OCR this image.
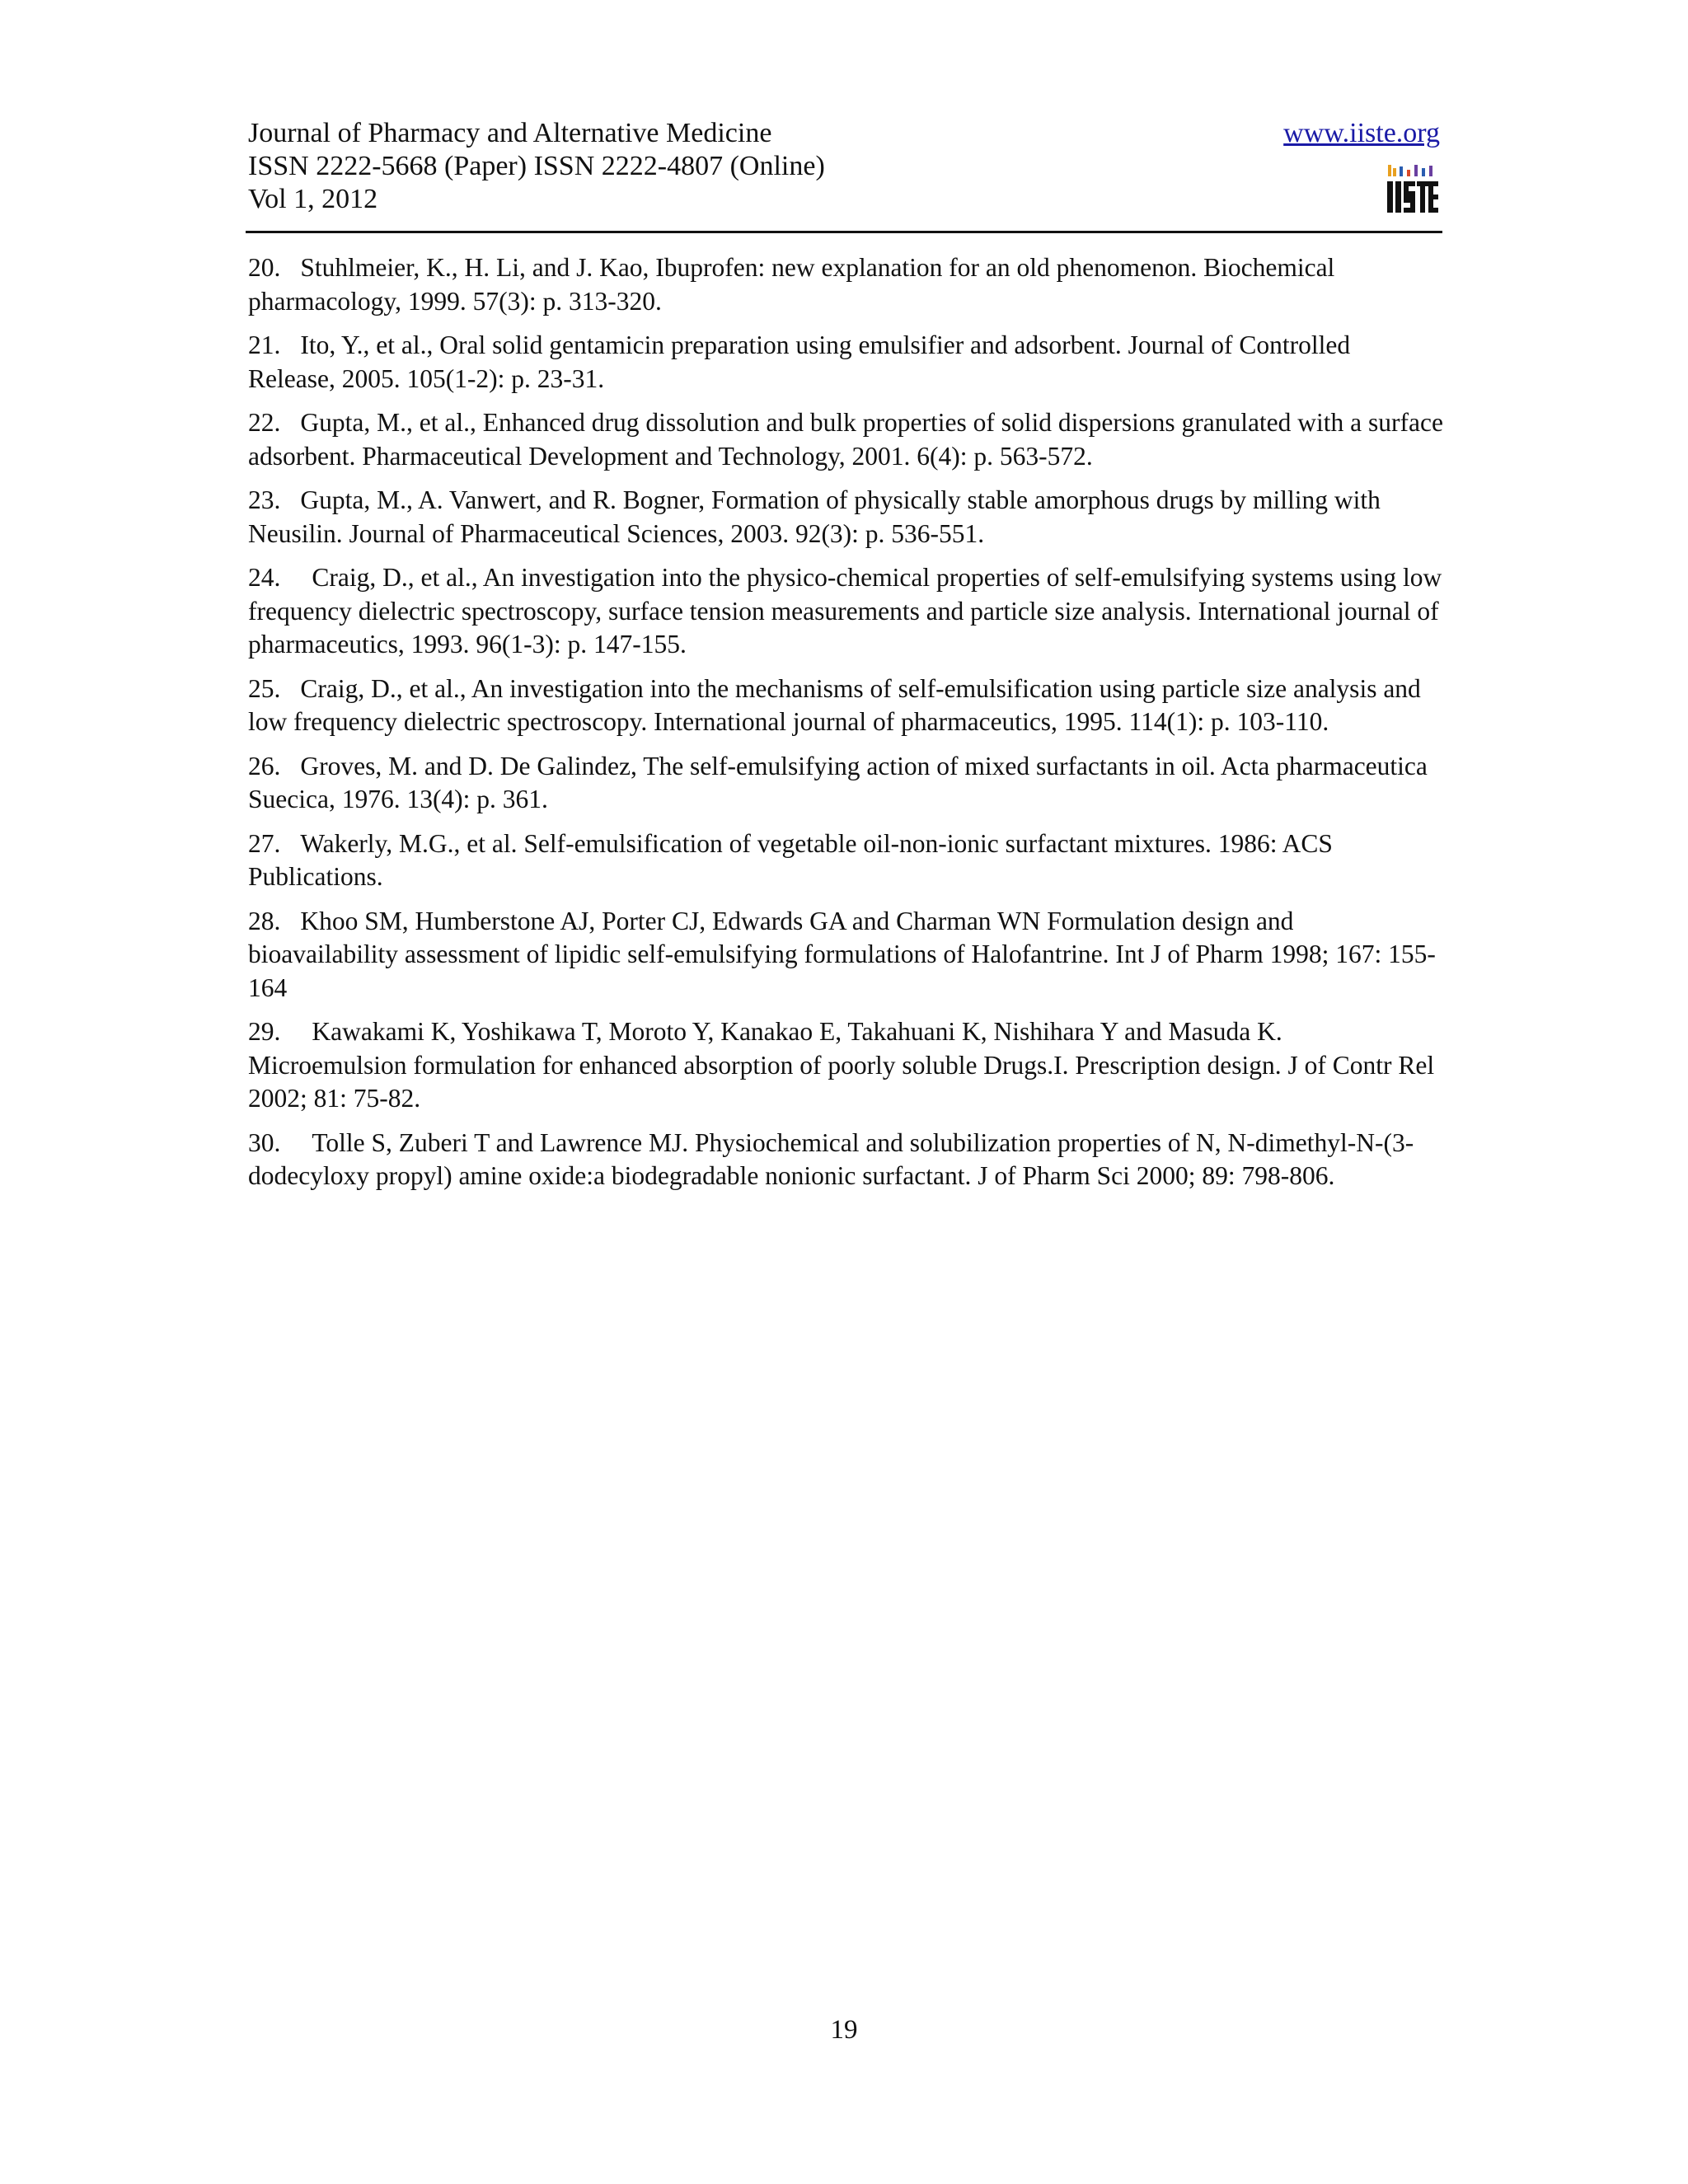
Journal of Pharmacy and Alternative Medicine
ISSN 2222-5668 (Paper) ISSN 2222-4807 (Online)
Vol 1, 2012
www.iiste.org

20. Stuhlmeier, K., H. Li, and J. Kao, Ibuprofen: new explanation for an old phenomenon. Biochemical pharmacology, 1999. 57(3): p. 313-320.

21. Ito, Y., et al., Oral solid gentamicin preparation using emulsifier and adsorbent. Journal of Controlled Release, 2005. 105(1-2): p. 23-31.

22. Gupta, M., et al., Enhanced drug dissolution and bulk properties of solid dispersions granulated with a surface adsorbent. Pharmaceutical Development and Technology, 2001. 6(4): p. 563-572.

23. Gupta, M., A. Vanwert, and R. Bogner, Formation of physically stable amorphous drugs by milling with Neusilin. Journal of Pharmaceutical Sciences, 2003. 92(3): p. 536-551.

24. Craig, D., et al., An investigation into the physico-chemical properties of self-emulsifying systems using low frequency dielectric spectroscopy, surface tension measurements and particle size analysis. International journal of pharmaceutics, 1993. 96(1-3): p. 147-155.

25. Craig, D., et al., An investigation into the mechanisms of self-emulsification using particle size analysis and low frequency dielectric spectroscopy. International journal of pharmaceutics, 1995. 114(1): p. 103-110.

26. Groves, M. and D. De Galindez, The self-emulsifying action of mixed surfactants in oil. Acta pharmaceutica Suecica, 1976. 13(4): p. 361.

27. Wakerly, M.G., et al. Self-emulsification of vegetable oil-non-ionic surfactant mixtures. 1986: ACS Publications.

28. Khoo SM, Humberstone AJ, Porter CJ, Edwards GA and Charman WN Formulation design and bioavailability assessment of lipidic self-emulsifying formulations of Halofantrine. Int J of Pharm 1998; 167: 155-164

29. Kawakami K, Yoshikawa T, Moroto Y, Kanakao E, Takahuani K, Nishihara Y and Masuda K. Microemulsion formulation for enhanced absorption of poorly soluble Drugs.I. Prescription design. J of Contr Rel 2002; 81: 75-82.

30. Tolle S, Zuberi T and Lawrence MJ. Physiochemical and solubilization properties of N, N-dimethyl-N-(3-dodecyloxy propyl) amine oxide:a biodegradable nonionic surfactant. J of Pharm Sci 2000; 89: 798-806.

19
